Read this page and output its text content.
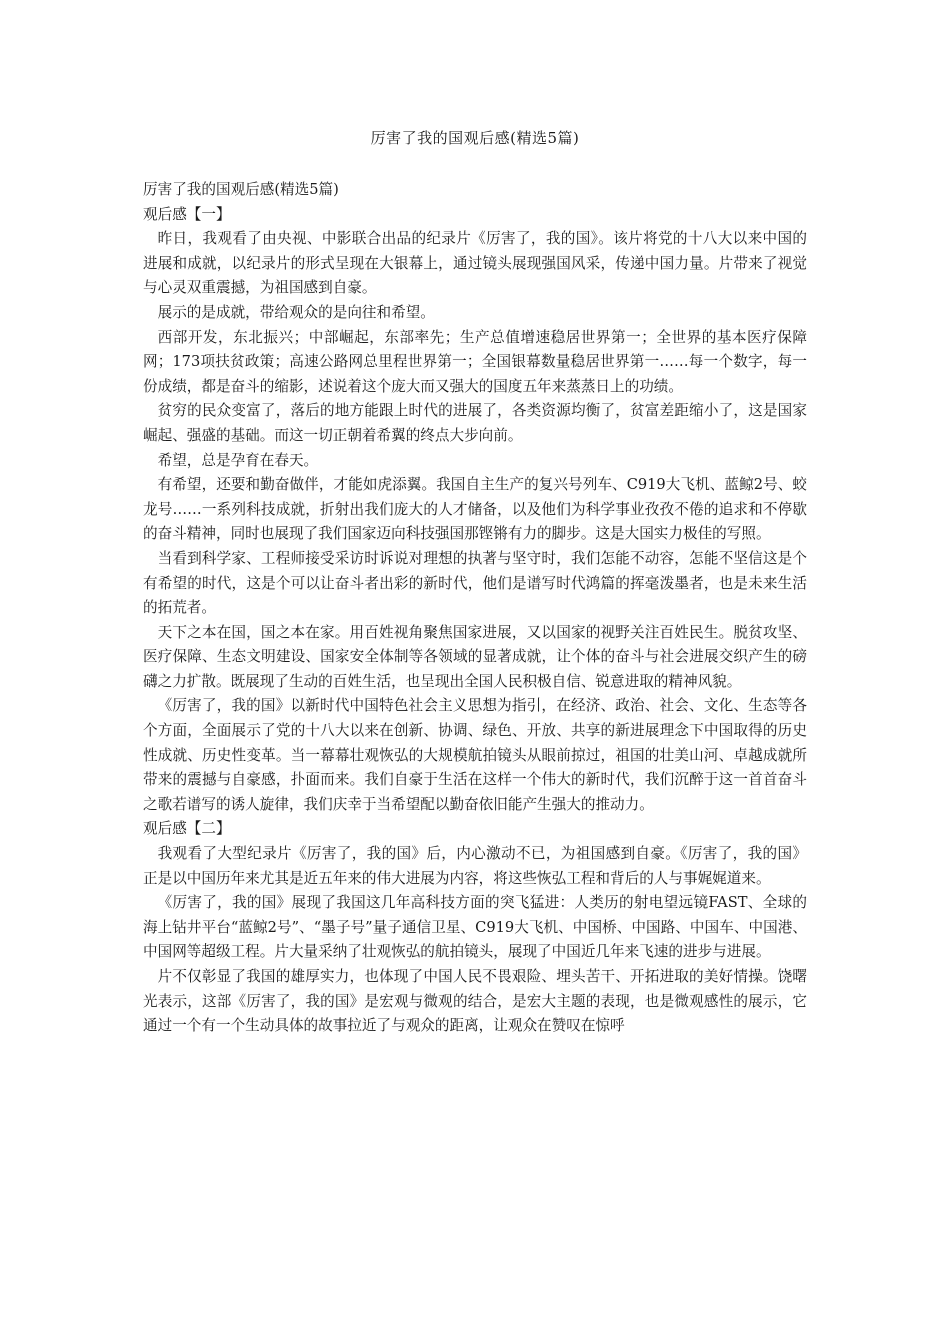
厉害了我的国观后感(精选5篇)

厉害了我的国观后感(精选5篇)

观后感【一】

昨日，我观看了由央视、中影联合出品的纪录片《厉害了，我的国》。该片将党的十八大以来中国的进展和成就，以纪录片的形式呈现在大银幕上，通过镜头展现强国风采，传递中国力量。片带来了视觉与心灵双重震撼，为祖国感到自豪。

展示的是成就，带给观众的是向往和希望。

西部开发，东北振兴；中部崛起，东部率先；生产总值增速稳居世界第一；全世界的基本医疗保障网；173项扶贫政策；高速公路网总里程世界第一；全国银幕数量稳居世界第一……每一个数字，每一份成绩，都是奋斗的缩影，述说着这个庞大而又强大的国度五年来蒸蒸日上的功绩。

贫穷的民众变富了，落后的地方能跟上时代的进展了，各类资源均衡了，贫富差距缩小了，这是国家崛起、强盛的基础。而这一切正朝着希翼的终点大步向前。

希望，总是孕育在春天。

有希望，还要和勤奋做伴，才能如虎添翼。我国自主生产的复兴号列车、C919大飞机、蓝鲸2号、蛟龙号……一系列科技成就，折射出我们庞大的人才储备，以及他们为科学事业孜孜不倦的追求和不停歇的奋斗精神，同时也展现了我们国家迈向科技强国那铿锵有力的脚步。这是大国实力极佳的写照。

当看到科学家、工程师接受采访时诉说对理想的执著与坚守时，我们怎能不动容，怎能不坚信这是个有希望的时代，这是个可以让奋斗者出彩的新时代，他们是谱写时代鸿篇的挥毫泼墨者，也是未来生活的拓荒者。

天下之本在国，国之本在家。用百姓视角聚焦国家进展，又以国家的视野关注百姓民生。脱贫攻坚、医疗保障、生态文明建设、国家安全体制等各领域的显著成就，让个体的奋斗与社会进展交织产生的磅礴之力扩散。既展现了生动的百姓生活，也呈现出全国人民积极自信、锐意进取的精神风貌。

《厉害了，我的国》以新时代中国特色社会主义思想为指引，在经济、政治、社会、文化、生态等各个方面，全面展示了党的十八大以来在创新、协调、绿色、开放、共享的新进展理念下中国取得的历史性成就、历史性变革。当一幕幕壮观恢弘的大规模航拍镜头从眼前掠过，祖国的壮美山河、卓越成就所带来的震撼与自豪感，扑面而来。我们自豪于生活在这样一个伟大的新时代，我们沉醉于这一首首奋斗之歌若谱写的诱人旋律，我们庆幸于当希望配以勤奋依旧能产生强大的推动力。

观后感【二】

我观看了大型纪录片《厉害了，我的国》后，内心激动不已，为祖国感到自豪。《厉害了，我的国》正是以中国历年来尤其是近五年来的伟大进展为内容，将这些恢弘工程和背后的人与事娓娓道来。

《厉害了，我的国》展现了我国这几年高科技方面的突飞猛进：人类历的射电望远镜FAST、全球的海上钻井平台“蓝鲸2号”、“墨子号”量子通信卫星、C919大飞机、中国桥、中国路、中国车、中国港、中国网等超级工程。片大量采纳了壮观恢弘的航拍镜头，展现了中国近几年来飞速的进步与进展。

片不仅彰显了我国的雄厚实力，也体现了中国人民不畏艰险、埋头苦干、开拓进取的美好情操。饶曙光表示，这部《厉害了，我的国》是宏观与微观的结合，是宏大主题的表现，也是微观感性的展示，它通过一个有一个生动具体的故事拉近了与观众的距离，让观众在赞叹在惊呼
